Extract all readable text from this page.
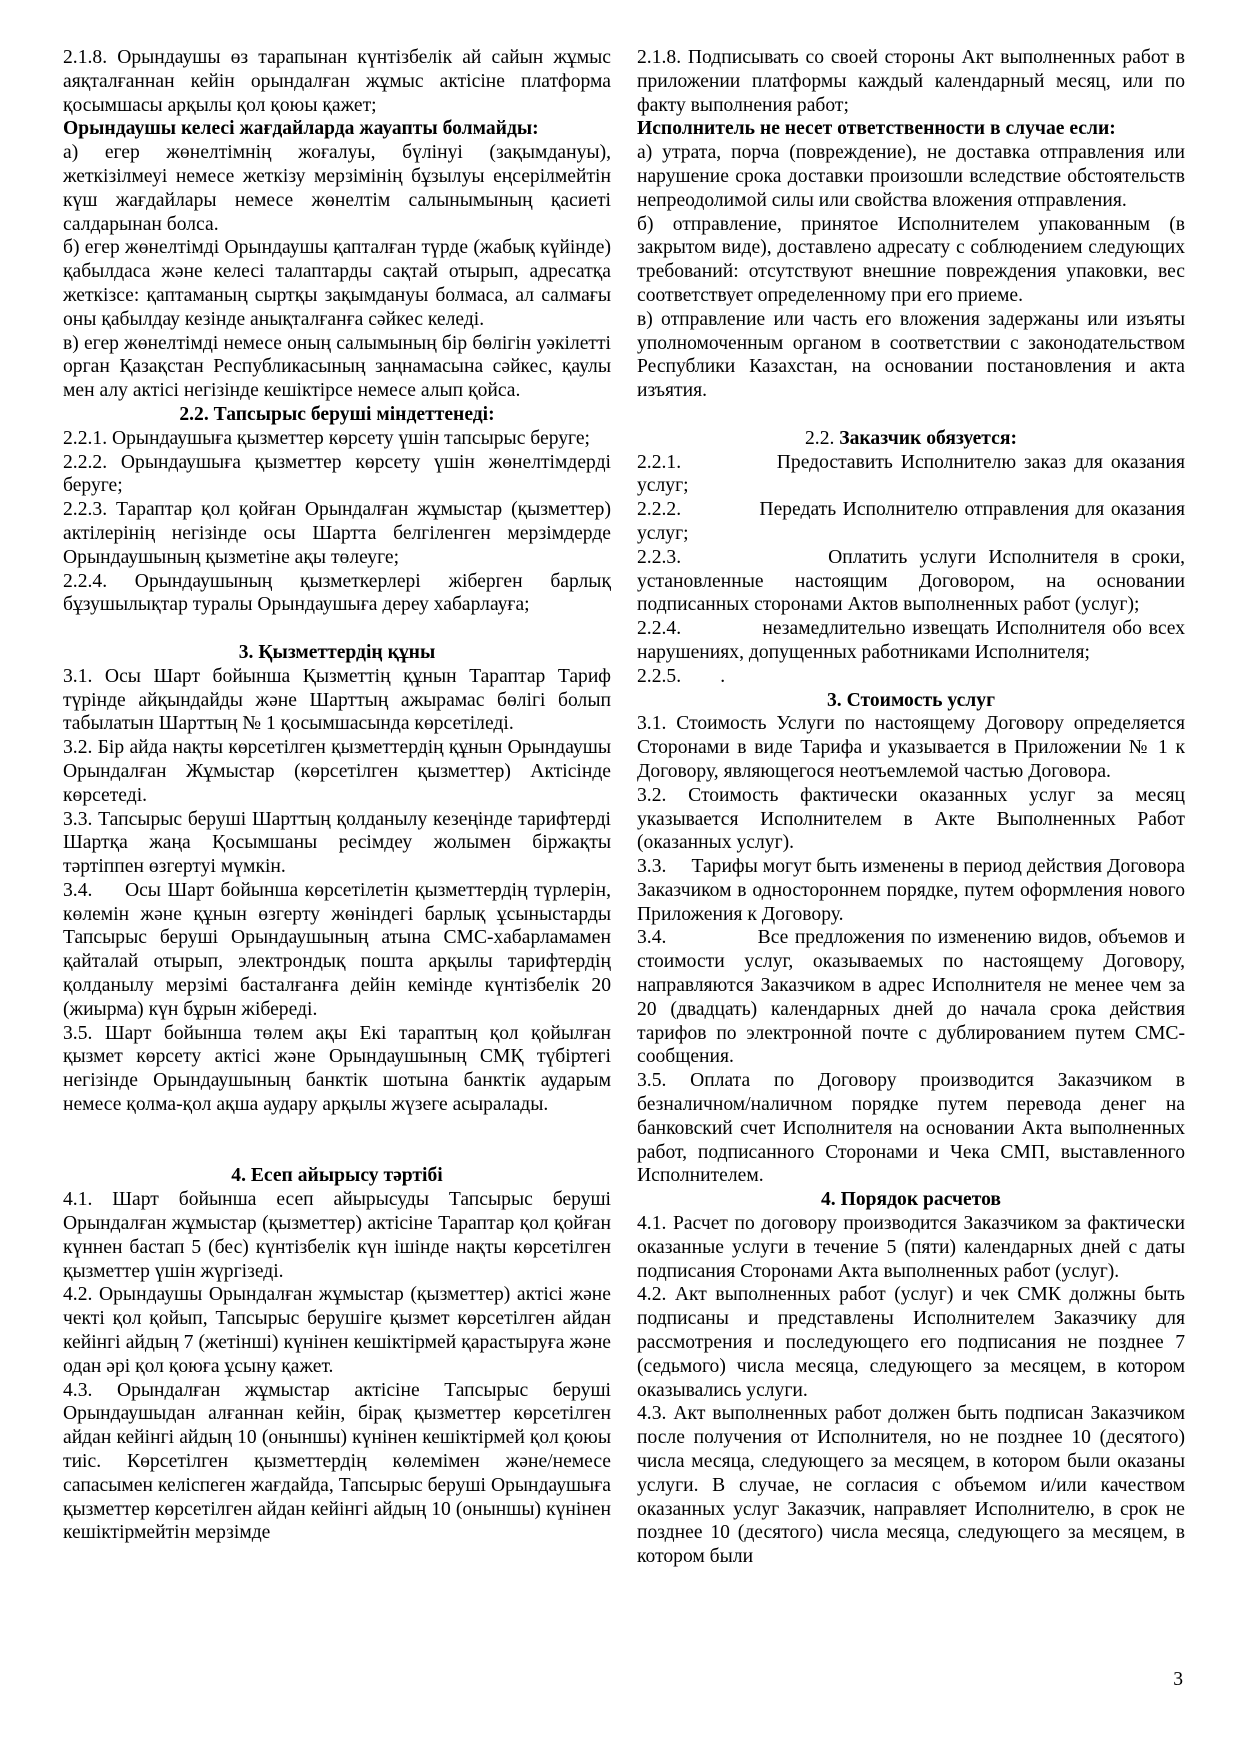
2.1.8. Орындаушы өз тарапынан күнтізбелік ай сайын жұмыс аяқталғаннан кейін орындалған жұмыс актісіне платформа қосымшасы арқылы қол қоюы қажет;

Орындаушы келесі жағдайларда жауапты болмайды:

а) егер жөнелтімнің жоғалуы, бүлінуі (зақымдануы), жеткізілмеуі немесе жеткізу мерзімінің бұзылуы еңсерілмейтін күш жағдайлары немесе жөнелтім салынымының қасиеті салдарынан болса.

б) егер жөнелтімді Орындаушы қапталған түрде (жабық күйінде) қабылдаса және келесі талаптарды сақтай отырып, адресатқа жеткізсе: қаптаманың сыртқы зақымдануы болмаса, ал салмағы оны қабылдау кезінде анықталғанға сәйкес келеді.

в) егер жөнелтімді немесе оның салымының бір бөлігін уәкілетті орган Қазақстан Республикасының заңнамасына сәйкес, қаулы мен алу актісі негізінде кешіктірсе немесе алып қойса.

2.2. Тапсырыс беруші міндеттенеді:

2.2.1. Орындаушыға қызметтер көрсету үшін тапсырыс беруге;

2.2.2. Орындаушыға қызметтер көрсету үшін жөнелтімдерді беруге;

2.2.3. Тараптар қол қойған Орындалған жұмыстар (қызметтер) актілерінің негізінде осы Шартта белгіленген мерзімдерде Орындаушының қызметіне ақы төлеуге;

2.2.4. Орындаушының қызметкерлері жіберген барлық бұзушылықтар туралы Орындаушыға дереу хабарлауға;

3. Қызметтердің құны

3.1. Осы Шарт бойынша Қызметтің құнын Тараптар Тариф түрінде айқындайды және Шарттың ажырамас бөлігі болып табылатын Шарттың № 1 қосымшасында көрсетіледі.

3.2. Бір айда нақты көрсетілген қызметтердің құнын Орындаушы Орындалған Жұмыстар (көрсетілген қызметтер) Актісінде көрсетеді.

3.3. Тапсырыс беруші Шарттың қолданылу кезеңінде тарифтерді Шартқа жаңа Қосымшаны ресімдеу жолымен біржақты тәртіппен өзгертуі мүмкін.

3.4.     Осы Шарт бойынша көрсетілетін қызметтердің түрлерін, көлемін және құнын өзгерту жөніндегі барлық ұсыныстарды Тапсырыс беруші Орындаушының атына СМС-хабарламамен қайталай отырып, электрондық пошта арқылы тарифтердің қолданылу мерзімі басталғанға дейін кемінде күнтізбелік 20 (жиырма) күн бұрын жібереді.

3.5. Шарт бойынша төлем ақы Екі тараптың қол қойылған қызмет көрсету актісі және Орындаушының СМҚ түбіртегі негізінде Орындаушының банктік шотына банктік аударым немесе қолма-қол ақша аудару арқылы жүзеге асыралады.

4. Есеп айырысу тәртібі

4.1. Шарт бойынша есеп айырысуды Тапсырыс беруші Орындалған жұмыстар (қызметтер) актісіне Тараптар қол қойған күннен бастап 5 (бес) күнтізбелік күн ішінде нақты көрсетілген қызметтер үшін жүргізеді.

4.2. Орындаушы Орындалған жұмыстар (қызметтер) актісі және чекті қол қойып, Тапсырыс берушіге қызмет көрсетілген айдан кейінгі айдың 7 (жетінші) күнінен кешіктірмей қарастыруға және одан әрі қол қоюға ұсыну қажет.

4.3. Орындалған жұмыстар актісіне Тапсырыс беруші Орындаушыдан алғаннан кейін, бірақ қызметтер көрсетілген айдан кейінгі айдың 10 (оныншы) күнінен кешіктірмей қол қоюы тиіс. Көрсетілген қызметтердің көлемімен және/немесе сапасымен келіспеген жағдайда, Тапсырыс беруші Орындаушыға қызметтер көрсетілген айдан кейінгі айдың 10 (оныншы) күнінен кешіктірмейтін мерзімде

2.1.8. Подписывать со своей стороны Акт выполненных работ в приложении платформы каждый календарный месяц, или по факту выполнения работ;

Исполнитель не несет ответственности в случае если:

а) утрата, порча (повреждение), не доставка отправления или нарушение срока доставки произошли вследствие обстоятельств непреодолимой силы или свойства вложения отправления.

б) отправление, принятое Исполнителем упакованным (в закрытом виде), доставлено адресату с соблюдением следующих требований: отсутствуют внешние повреждения упаковки, вес соответствует определенному при его приеме.

в) отправление или часть его вложения задержаны или изъяты уполномоченным органом в соответствии с законодательством Республики Казахстан, на основании постановления и акта изъятия.

2.2. Заказчик обязуется:

2.2.1.            Предоставить Исполнителю заказ для оказания услуг;

2.2.2.            Передать Исполнителю отправления для оказания услуг;

2.2.3.            Оплатить услуги Исполнителя в сроки, установленные настоящим Договором, на основании подписанных сторонами Актов выполненных работ (услуг);

2.2.4.            незамедлительно извещать Исполнителя обо всех нарушениях, допущенных работниками Исполнителя;

2.2.5.        .

3. Стоимость услуг

3.1. Стоимость Услуги по настоящему Договору определяется Сторонами в виде Тарифа и указывается в Приложении № 1 к Договору, являющегося неотъемлемой частью Договора.

3.2. Стоимость фактически оказанных услуг за месяц указывается Исполнителем в Акте Выполненных Работ (оказанных услуг).

3.3.     Тарифы могут быть изменены в период действия Договора Заказчиком в одностороннем порядке, путем оформления нового Приложения к Договору.

3.4.              Все предложения по изменению видов, объемов и стоимости услуг, оказываемых по настоящему Договору, направляются Заказчиком в адрес Исполнителя не менее чем за 20 (двадцать) календарных дней до начала срока действия тарифов по электронной почте с дублированием путем СМС-сообщения.

3.5. Оплата по Договору производится Заказчиком в безналичном/наличном порядке путем перевода денег на банковский счет Исполнителя на основании Акта выполненных работ, подписанного Сторонами и Чека СМП, выставленного Исполнителем.

4. Порядок расчетов

4.1. Расчет по договору производится Заказчиком за фактически оказанные услуги в течение 5 (пяти) календарных дней с даты подписания Сторонами Акта выполненных работ (услуг).

4.2. Акт выполненных работ (услуг) и чек СМК должны быть подписаны и представлены Исполнителем Заказчику для рассмотрения и последующего его подписания не позднее 7 (седьмого) числа месяца, следующего за месяцем, в котором оказывались услуги.

4.3. Акт выполненных работ должен быть подписан Заказчиком после получения от Исполнителя, но не позднее 10 (десятого) числа месяца, следующего за месяцем, в котором были оказаны услуги. В случае, не согласия с объемом и/или качеством оказанных услуг Заказчик, направляет Исполнителю, в срок не позднее 10 (десятого) числа месяца, следующего за месяцем, в котором были

3
